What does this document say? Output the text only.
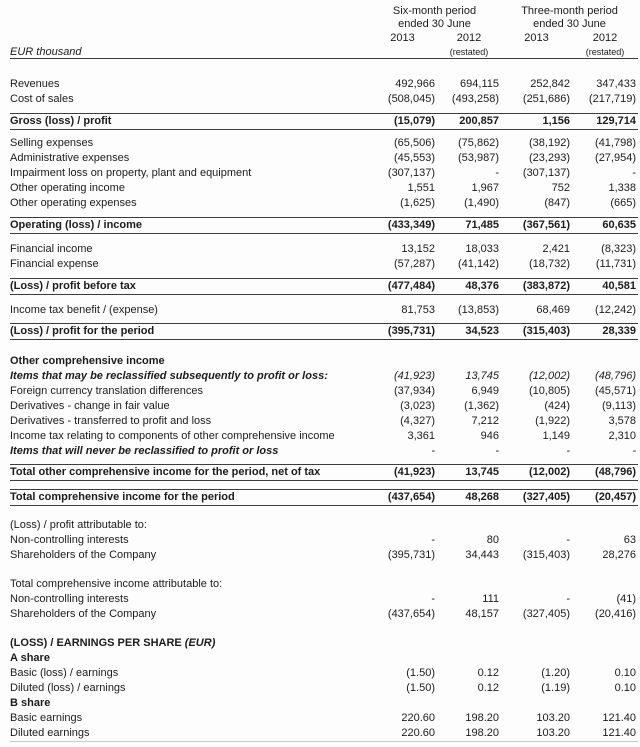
	Six-month period
ended 30 June		Three-month period
ended 30 June	

	2013	2012	2013	2012
EUR thousand		(restated)		(restated)

Revenues	492,966	694,115	252,842	347,433
Cost of sales	(508,045)	(493,258)	(251,686)	(217,719)

Gross (loss) / profit	(15,079)	200,857	1,156	129,714

Selling expenses	(65,506)	(75,862)	(38,192)	(41,798)
Administrative expenses	(45,553)	(53,987)	(23,293)	(27,954)
Impairment loss on property, plant and equipment	(307,137)	-	(307,137)	-
Other operating income	1,551	1,967	752	1,338
Other operating expenses	(1,625)	(1,490)	(847)	(665)

Operating (loss) / income	(433,349)	71,485	(367,561)	60,635

Financial income	13,152	18,033	2,421	(8,323)
Financial expense	(57,287)	(41,142)	(18,732)	(11,731)

(Loss) / profit before tax	(477,484)	48,376	(383,872)	40,581

Income tax benefit / (expense)	81,753	(13,853)	68,469	(12,242)

(Loss) / profit for the period	(395,731)	34,523	(315,403)	28,339

Other comprehensive income				
Items that may be reclassified subsequently to profit or loss:	(41,923)	13,745	(12,002)	(48,796)
Foreign currency translation differences	(37,934)	6,949	(10,805)	(45,571)
Derivatives - change in fair value	(3,023)	(1,362)	(424)	(9,113)
Derivatives - transferred to profit and loss	(4,327)	7,212	(1,922)	3,578
Income tax relating to components of other comprehensive income	3,361	946	1,149	2,310
Items that will never be reclassified to profit or loss	-	-	-	-

Total other comprehensive income for the period, net of tax	(41,923)	13,745	(12,002)	(48,796)

Total comprehensive income for the period	(437,654)	48,268	(327,405)	(20,457)

(Loss) / profit attributable to:				
Non-controlling interests	-	80	-	63
Shareholders of the Company	(395,731)	34,443	(315,403)	28,276

Total comprehensive income attributable to:				
Non-controlling interests	-	111	-	(41)
Shareholders of the Company	(437,654)	48,157	(327,405)	(20,416)

(LOSS) / EARNINGS PER SHARE (EUR)				
A share				
Basic (loss) / earnings	(1.50)	0.12	(1.20)	0.10
Diluted (loss) / earnings	(1.50)	0.12	(1.19)	0.10
B share				
Basic earnings	220.60	198.20	103.20	121.40
Diluted earnings	220.60	198.20	103.20	121.40
